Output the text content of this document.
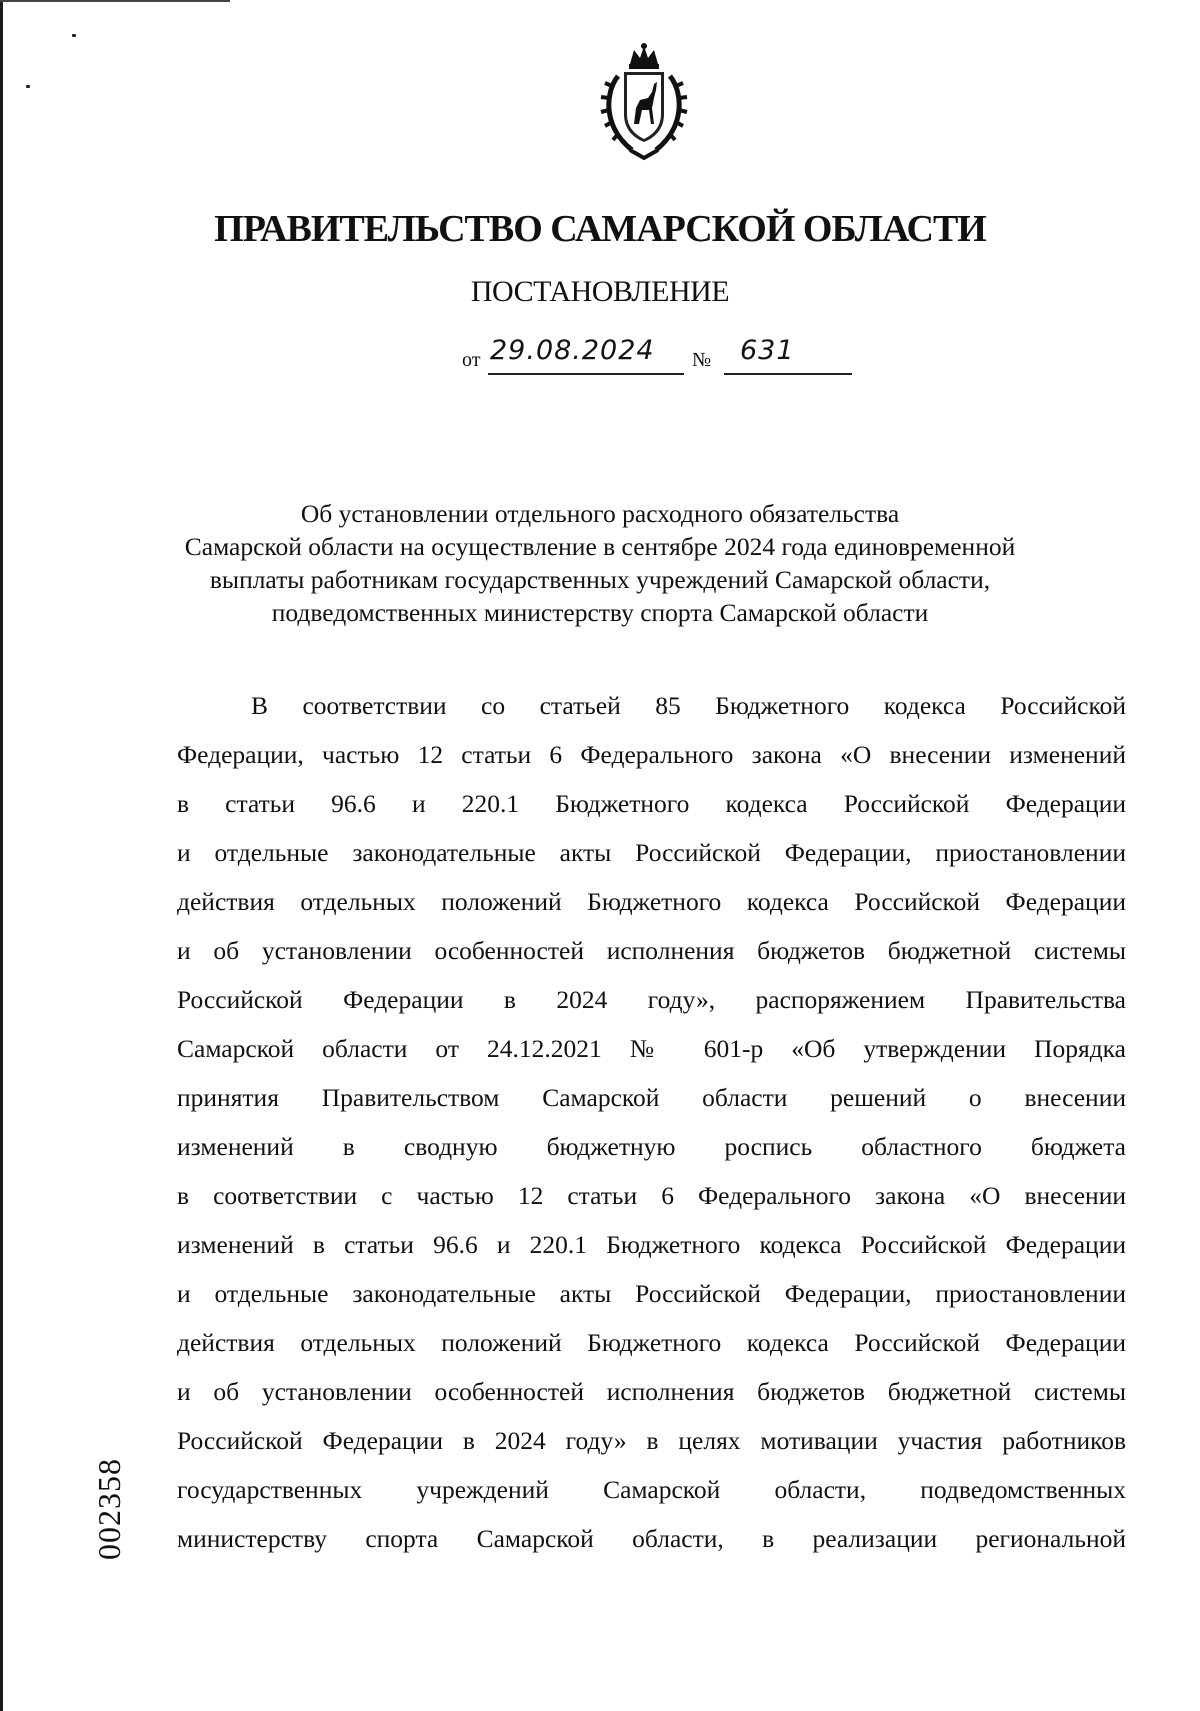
ПРАВИТЕЛЬСТВО САМАРСКОЙ ОБЛАСТИ
ПОСТАНОВЛЕНИЕ
от 29.08.2024 № 631
Об установлении отдельного расходного обязательства
Самарской области на осуществление в сентябре 2024 года единовременной
выплаты работникам государственных учреждений Самарской области,
подведомственных министерству спорта Самарской области
В соответствии со статьей 85 Бюджетного кодекса Российской
Федерации, частью 12 статьи 6 Федерального закона «О внесении изменений
в статьи 96.6 и 220.1 Бюджетного кодекса Российской Федерации
и отдельные законодательные акты Российской Федерации, приостановлении
действия отдельных положений Бюджетного кодекса Российской Федерации
и об установлении особенностей исполнения бюджетов бюджетной системы
Российской Федерации в 2024 году», распоряжением Правительства
Самарской области от 24.12.2021 № 601-р «Об утверждении Порядка
принятия Правительством Самарской области решений о внесении
изменений в сводную бюджетную роспись областного бюджета
в соответствии с частью 12 статьи 6 Федерального закона «О внесении
изменений в статьи 96.6 и 220.1 Бюджетного кодекса Российской Федерации
и отдельные законодательные акты Российской Федерации, приостановлении
действия отдельных положений Бюджетного кодекса Российской Федерации
и об установлении особенностей исполнения бюджетов бюджетной системы
Российской Федерации в 2024 году» в целях мотивации участия работников
государственных учреждений Самарской области, подведомственных
министерству спорта Самарской области, в реализации региональной
002358
